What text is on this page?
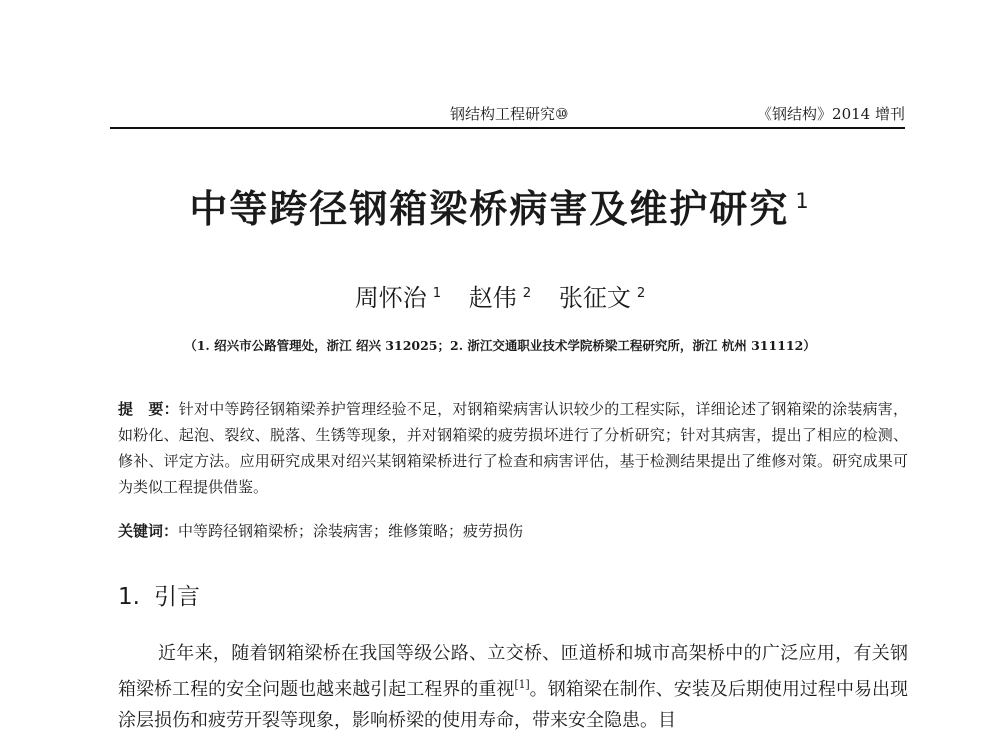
钢结构工程研究⑩	《钢结构》2014 增刊
中等跨径钢箱梁桥病害及维护研究 $^1$
周怀治 $^1$ 赵伟 $^2$ 张征文 $^2$
（1. 绍兴市公路管理处，浙江 绍兴 312025；2. 浙江交通职业技术学院桥梁工程研究所，浙江 杭州 311112）
提　要：针对中等跨径钢箱梁养护管理经验不足，对钢箱梁病害认识较少的工程实际，详细论述了钢箱梁的涂装病害，如粉化、起泡、裂纹、脱落、生锈等现象，并对钢箱梁的疲劳损坏进行了分析研究；针对其病害，提出了相应的检测、修补、评定方法。应用研究成果对绍兴某钢箱梁桥进行了检查和病害评估，基于检测结果提出了维修对策。研究成果可为类似工程提供借鉴。
关键词：中等跨径钢箱梁桥；涂装病害；维修策略；疲劳损伤
1. 引言
近年来，随着钢箱梁桥在我国等级公路、立交桥、匝道桥和城市高架桥中的广泛应用，有关钢箱梁桥工程的安全问题也越来越引起工程界的重视[1]。钢箱梁在制作、安装及后期使用过程中易出现涂层损伤和疲劳开裂等现象，影响桥梁的使用寿命，带来安全隐患。目
